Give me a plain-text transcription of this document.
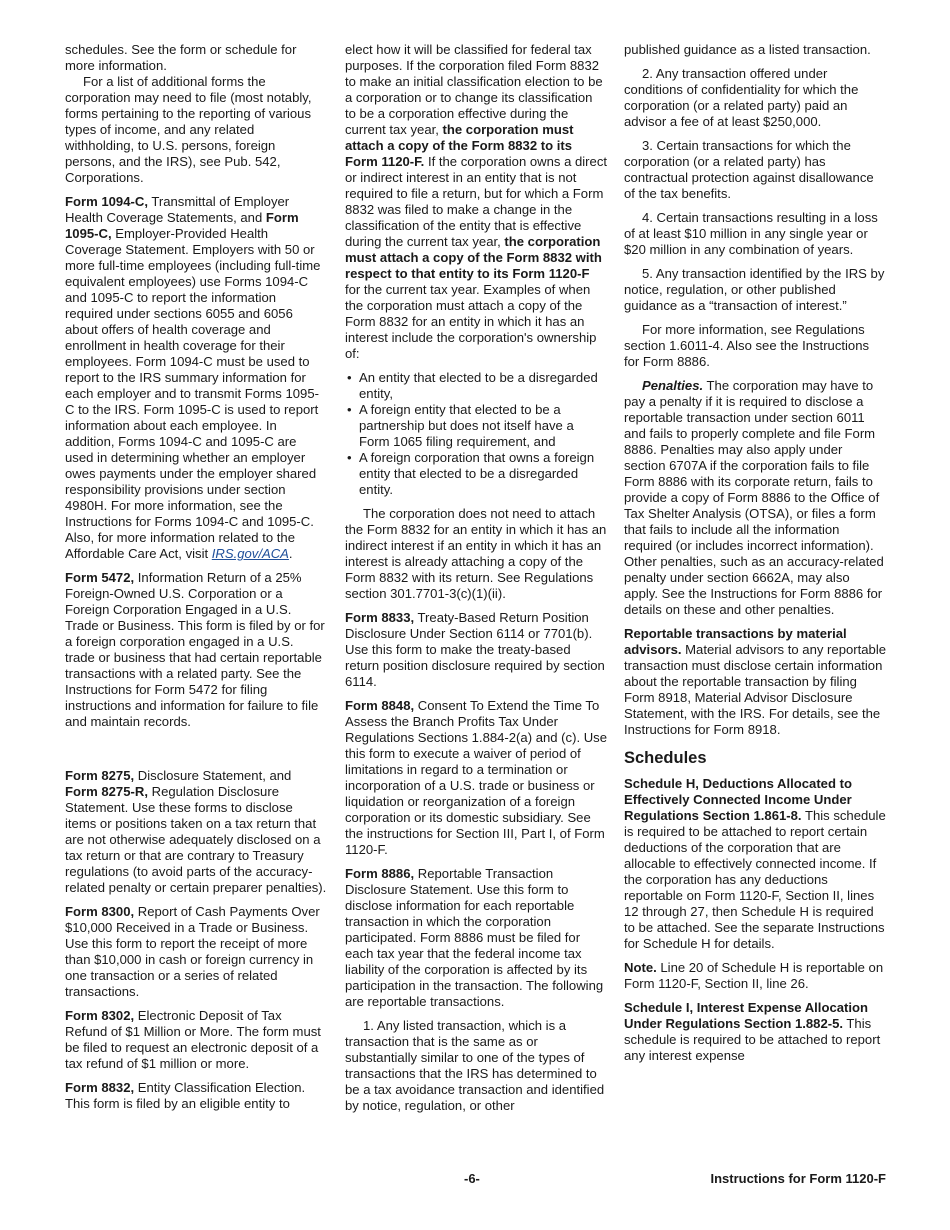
schedules. See the form or schedule for more information.

For a list of additional forms the corporation may need to file (most notably, forms pertaining to the reporting of various types of income, and any related withholding, to U.S. persons, foreign persons, and the IRS), see Pub. 542, Corporations.

Form 1094-C, Transmittal of Employer Health Coverage Statements, and Form 1095-C, Employer-Provided Health Coverage Statement. Employers with 50 or more full-time employees (including full-time equivalent employees) use Forms 1094-C and 1095-C to report the information required under sections 6055 and 6056 about offers of health coverage and enrollment in health coverage for their employees. Form 1094-C must be used to report to the IRS summary information for each employer and to transmit Forms 1095-C to the IRS. Form 1095-C is used to report information about each employee. In addition, Forms 1094-C and 1095-C are used in determining whether an employer owes payments under the employer shared responsibility provisions under section 4980H. For more information, see the Instructions for Forms 1094-C and 1095-C. Also, for more information related to the Affordable Care Act, visit IRS.gov/ACA.

Form 5472, Information Return of a 25% Foreign-Owned U.S. Corporation or a Foreign Corporation Engaged in a U.S. Trade or Business. This form is filed by or for a foreign corporation engaged in a U.S. trade or business that had certain reportable transactions with a related party. See the Instructions for Form 5472 for filing instructions and information for failure to file and maintain records.

Form 8275, Disclosure Statement, and Form 8275-R, Regulation Disclosure Statement. Use these forms to disclose items or positions taken on a tax return that are not otherwise adequately disclosed on a tax return or that are contrary to Treasury regulations (to avoid parts of the accuracy-related penalty or certain preparer penalties).

Form 8300, Report of Cash Payments Over $10,000 Received in a Trade or Business. Use this form to report the receipt of more than $10,000 in cash or foreign currency in one transaction or a series of related transactions.

Form 8302, Electronic Deposit of Tax Refund of $1 Million or More. The form must be filed to request an electronic deposit of a tax refund of $1 million or more.

Form 8832, Entity Classification Election. This form is filed by an eligible entity to

elect how it will be classified for federal tax purposes. If the corporation filed Form 8832 to make an initial classification election to be a corporation or to change its classification to be a corporation effective during the current tax year, the corporation must attach a copy of the Form 8832 to its Form 1120-F. If the corporation owns a direct or indirect interest in an entity that is not required to file a return, but for which a Form 8832 was filed to make a change in the classification of the entity that is effective during the current tax year, the corporation must attach a copy of the Form 8832 with respect to that entity to its Form 1120-F for the current tax year. Examples of when the corporation must attach a copy of the Form 8832 for an entity in which it has an interest include the corporation's ownership of:

• An entity that elected to be a disregarded entity,
• A foreign entity that elected to be a partnership but does not itself have a Form 1065 filing requirement, and
• A foreign corporation that owns a foreign entity that elected to be a disregarded entity.

The corporation does not need to attach the Form 8832 for an entity in which it has an indirect interest if an entity in which it has an interest is already attaching a copy of the Form 8832 with its return. See Regulations section 301.7701-3(c)(1)(ii).

Form 8833, Treaty-Based Return Position Disclosure Under Section 6114 or 7701(b). Use this form to make the treaty-based return position disclosure required by section 6114.

Form 8848, Consent To Extend the Time To Assess the Branch Profits Tax Under Regulations Sections 1.884-2(a) and (c). Use this form to execute a waiver of period of limitations in regard to a termination or incorporation of a U.S. trade or business or liquidation or reorganization of a foreign corporation or its domestic subsidiary. See the instructions for Section III, Part I, of Form 1120-F.

Form 8886, Reportable Transaction Disclosure Statement. Use this form to disclose information for each reportable transaction in which the corporation participated. Form 8886 must be filed for each tax year that the federal income tax liability of the corporation is affected by its participation in the transaction. The following are reportable transactions.

1. Any listed transaction, which is a transaction that is the same as or substantially similar to one of the types of transactions that the IRS has determined to be a tax avoidance transaction and identified by notice, regulation, or other

published guidance as a listed transaction.

2. Any transaction offered under conditions of confidentiality for which the corporation (or a related party) paid an advisor a fee of at least $250,000.

3. Certain transactions for which the corporation (or a related party) has contractual protection against disallowance of the tax benefits.

4. Certain transactions resulting in a loss of at least $10 million in any single year or $20 million in any combination of years.

5. Any transaction identified by the IRS by notice, regulation, or other published guidance as a “transaction of interest.”

For more information, see Regulations section 1.6011-4. Also see the Instructions for Form 8886.

Penalties. The corporation may have to pay a penalty if it is required to disclose a reportable transaction under section 6011 and fails to properly complete and file Form 8886. Penalties may also apply under section 6707A if the corporation fails to file Form 8886 with its corporate return, fails to provide a copy of Form 8886 to the Office of Tax Shelter Analysis (OTSA), or files a form that fails to include all the information required (or includes incorrect information). Other penalties, such as an accuracy-related penalty under section 6662A, may also apply. See the Instructions for Form 8886 for details on these and other penalties.

Reportable transactions by material advisors. Material advisors to any reportable transaction must disclose certain information about the reportable transaction by filing Form 8918, Material Advisor Disclosure Statement, with the IRS. For details, see the Instructions for Form 8918.

Schedules

Schedule H, Deductions Allocated to Effectively Connected Income Under Regulations Section 1.861-8. This schedule is required to be attached to report certain deductions of the corporation that are allocable to effectively connected income. If the corporation has any deductions reportable on Form 1120-F, Section II, lines 12 through 27, then Schedule H is required to be attached. See the separate Instructions for Schedule H for details.

Note. Line 20 of Schedule H is reportable on Form 1120-F, Section II, line 26.

Schedule I, Interest Expense Allocation Under Regulations Section 1.882-5. This schedule is required to be attached to report any interest expense

-6-	Instructions for Form 1120-F
